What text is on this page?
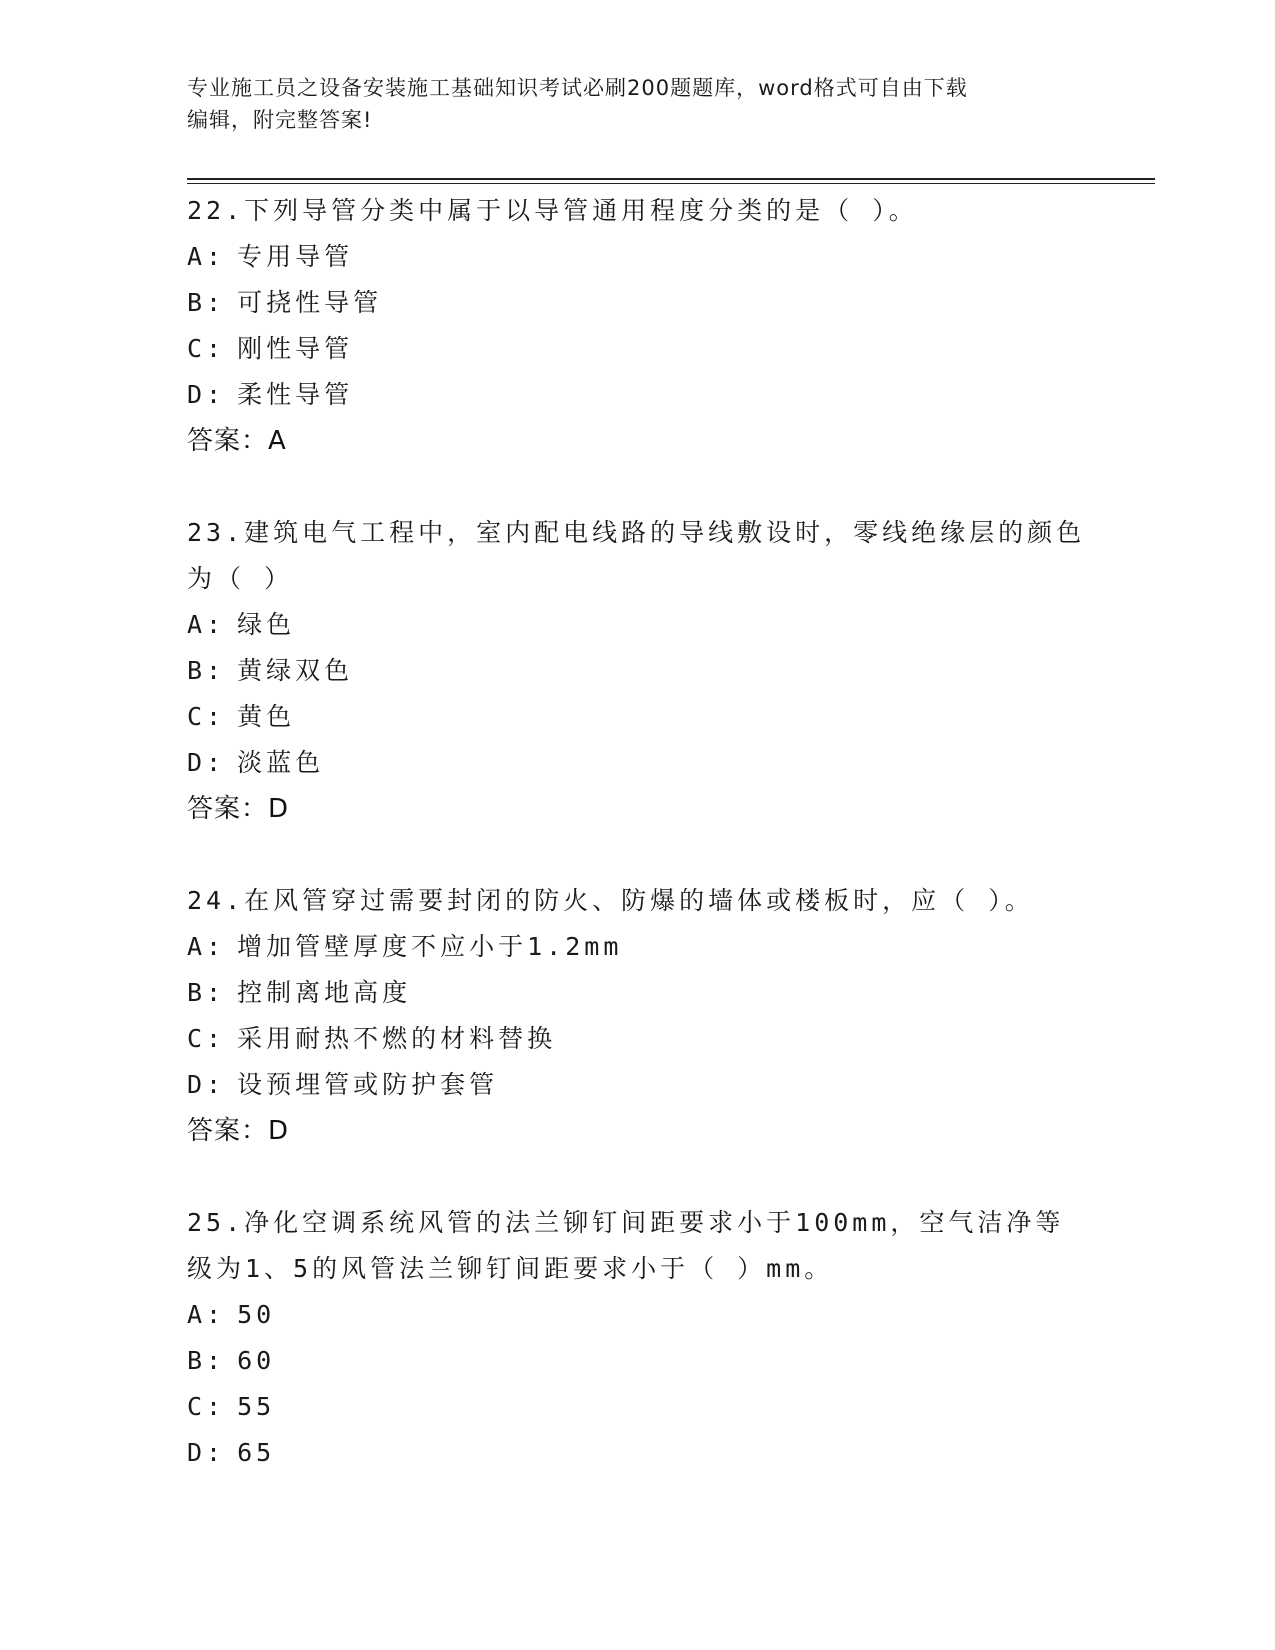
专业施工员之设备安装施工基础知识考试必刷200题题库，word格式可自由下载
编辑，附完整答案!
22.下列导管分类中属于以导管通用程度分类的是（ ）。
A: 专用导管
B: 可挠性导管
C: 刚性导管
D: 柔性导管
答案：A
23.建筑电气工程中，室内配电线路的导线敷设时，零线绝缘层的颜色为（ ）
A: 绿色
B: 黄绿双色
C: 黄色
D: 淡蓝色
答案：D
24.在风管穿过需要封闭的防火、防爆的墙体或楼板时，应（ ）。
A: 增加管壁厚度不应小于1.2mm
B: 控制离地高度
C: 采用耐热不燃的材料替换
D: 设预埋管或防护套管
答案：D
25.净化空调系统风管的法兰铆钉间距要求小于100mm，空气洁净等级为1、5的风管法兰铆钉间距要求小于（ ）mm。
A: 50
B: 60
C: 55
D: 65
